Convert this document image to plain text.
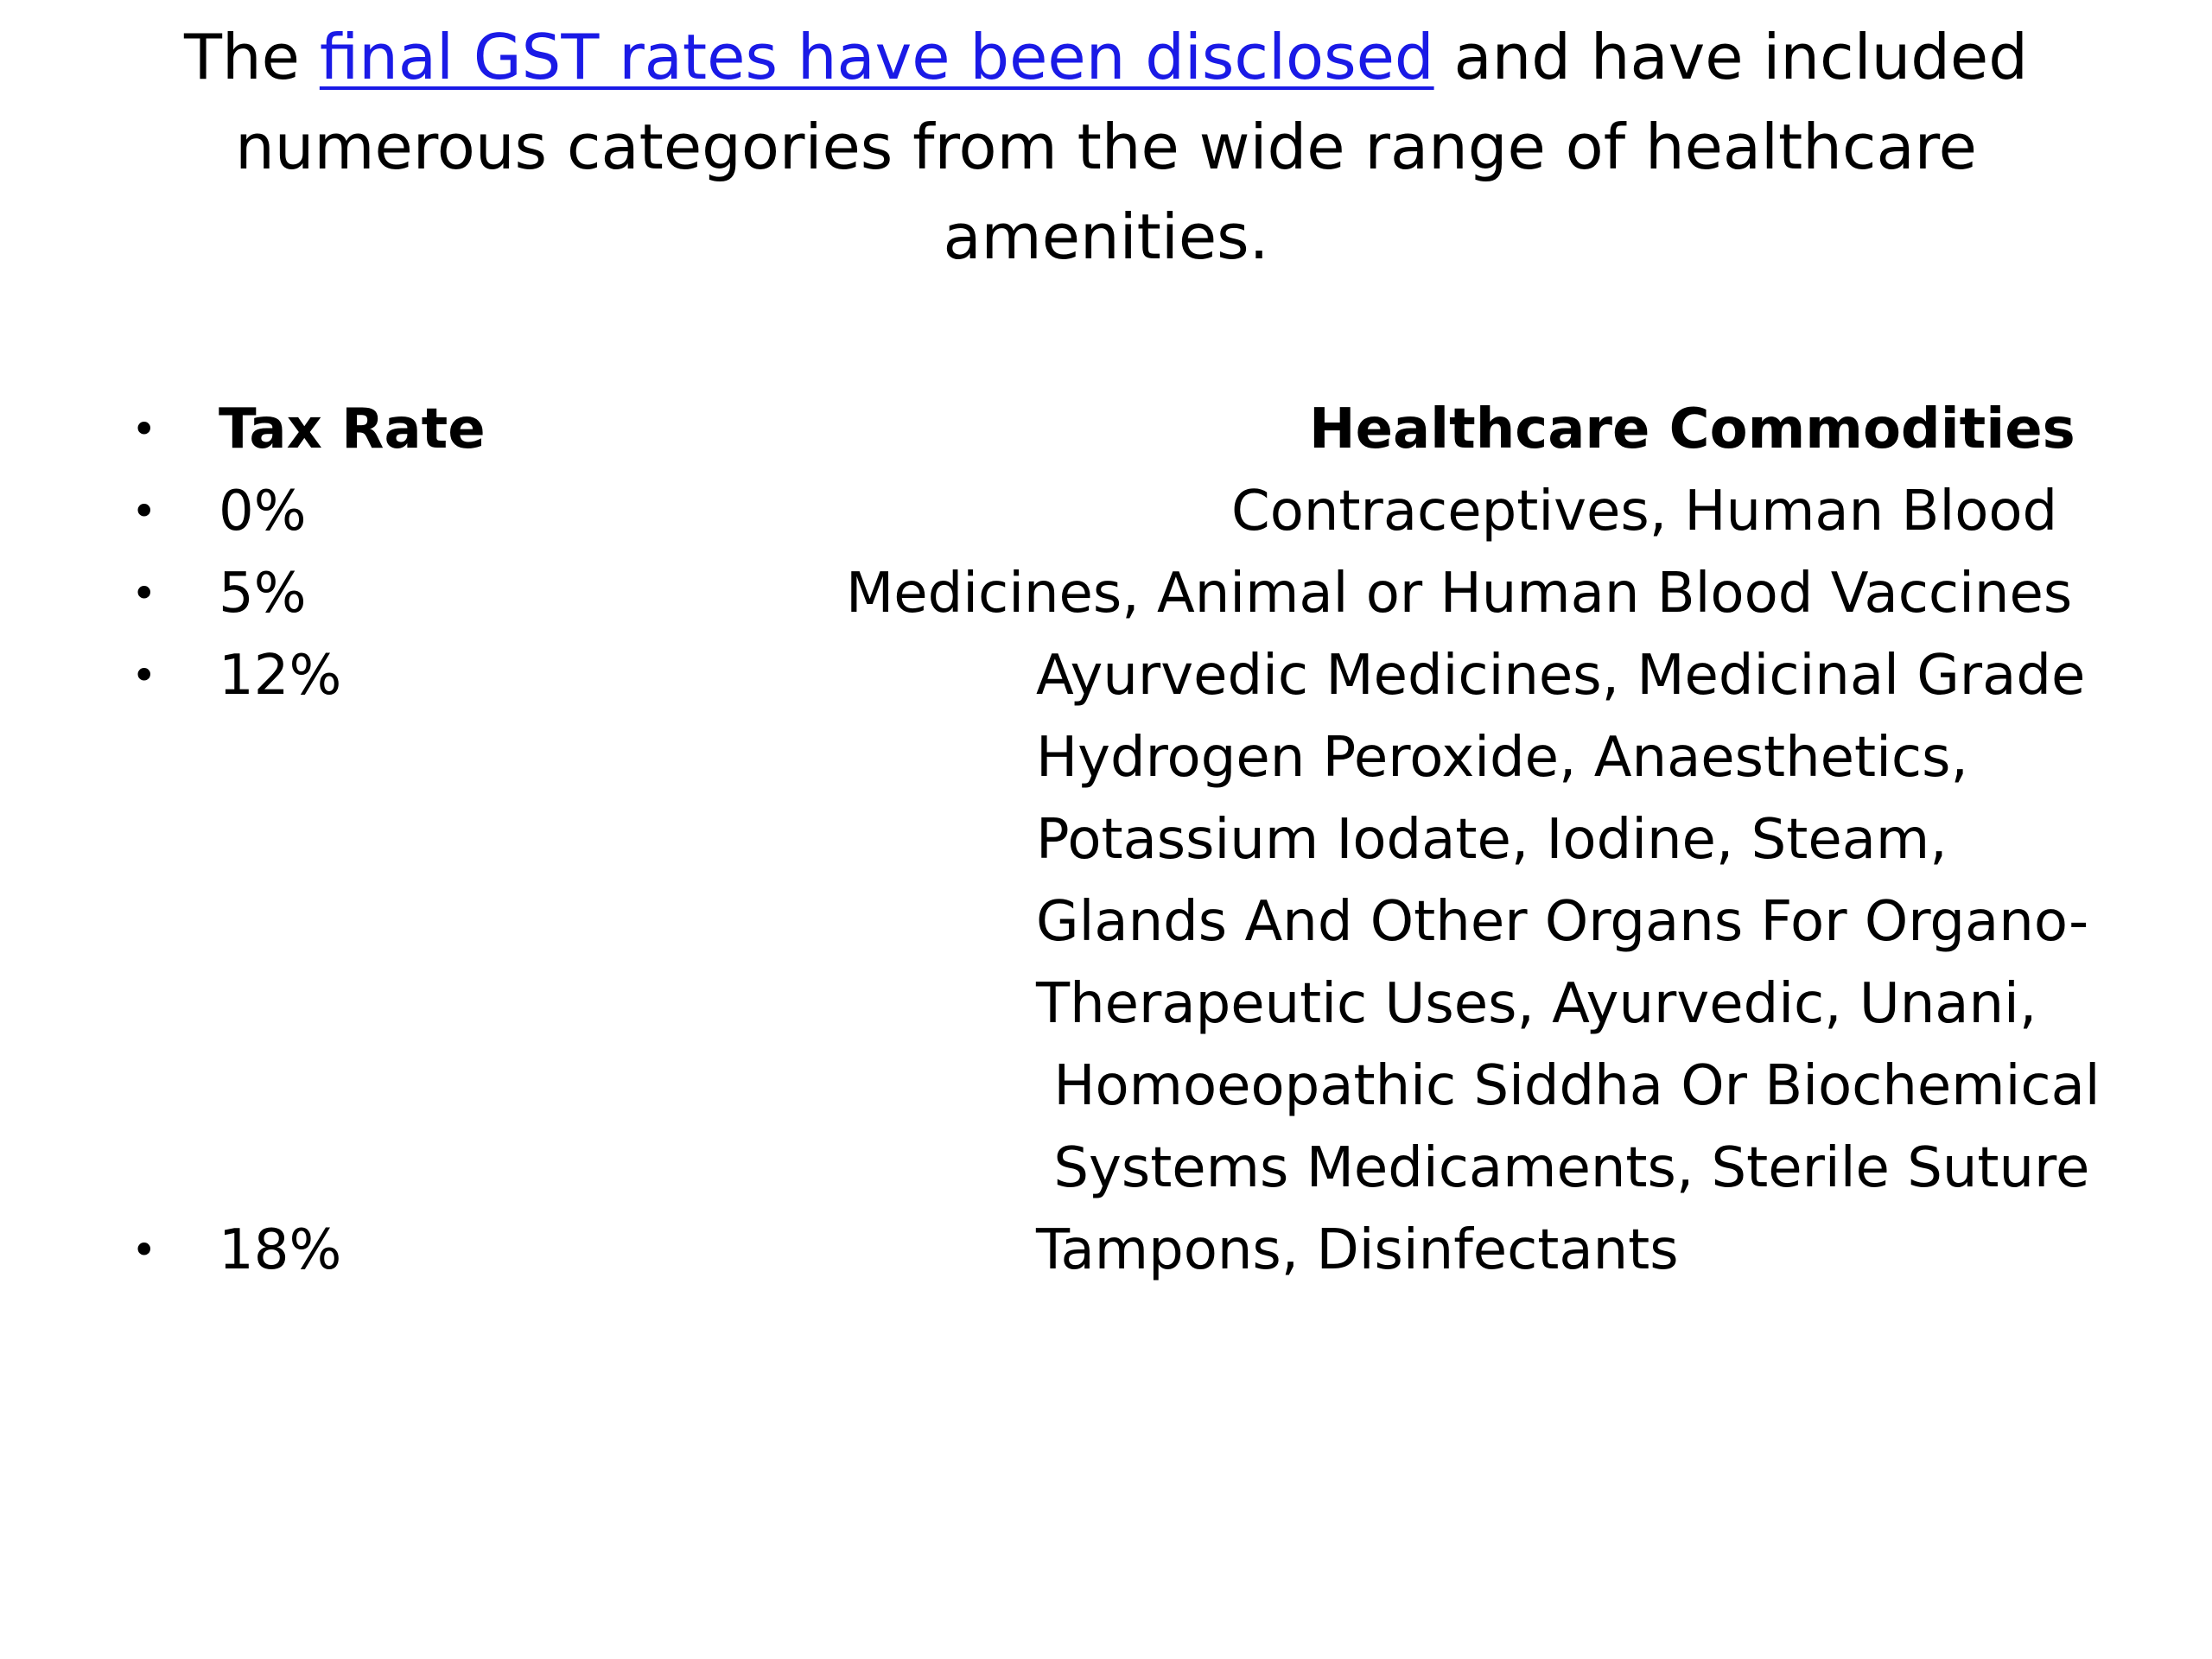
The final GST rates have been disclosed and have included
numerous categories from the wide range of healthcare
amenities.
• Tax Rate	Healthcare Commodities
• 0%	Contraceptives, Human Blood
• 5%	Medicines, Animal or Human Blood Vaccines
• 12%	Ayurvedic Medicines, Medicinal Grade
Hydrogen Peroxide, Anaesthetics,
Potassium Iodate, Iodine, Steam,
Glands And Other Organs For Organo-
Therapeutic Uses, Ayurvedic, Unani,
Homoeopathic Siddha Or Biochemical
Systems Medicaments, Sterile Suture
• 18%	Tampons, Disinfectants
